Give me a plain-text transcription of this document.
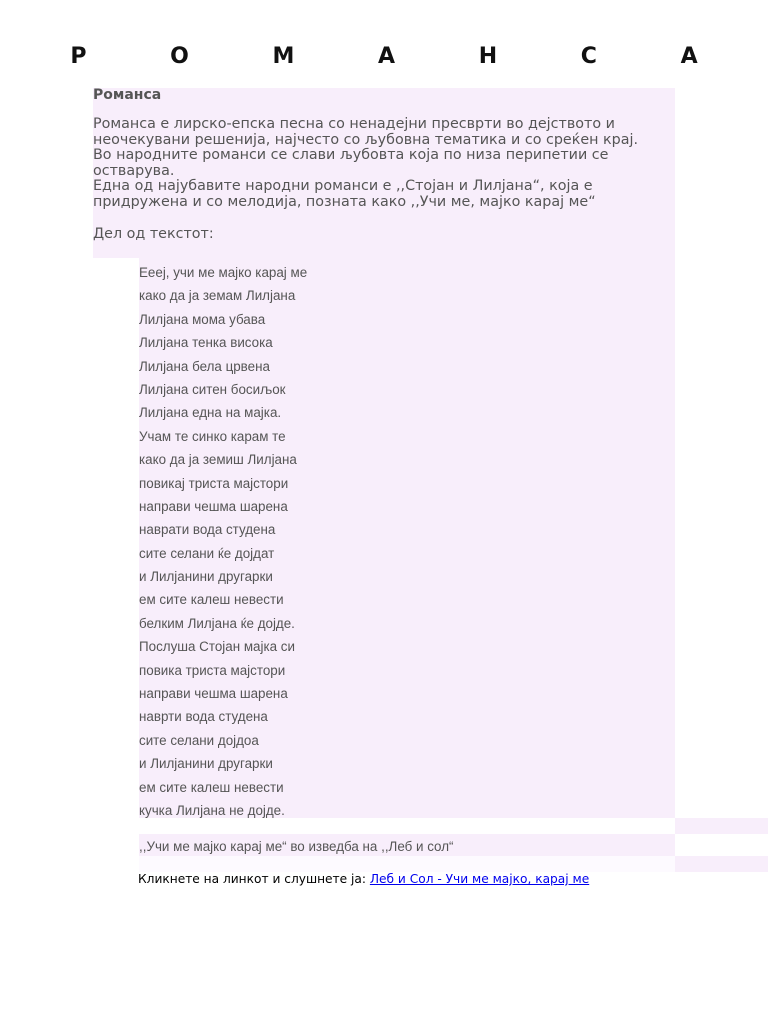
Р О М А Н С А
Романса

Романса е лирско-епска песна со ненадејни пресврти во дејството и неочекувани решенија, најчесто со љубовна тематика и со среќен крај.

Во народните романси се слави љубовта која по низа перипетии се остварува.

Една од најубавите народни романси е ,,Стојан и Лилјана“, која е придружена и со мелодија, позната како ,,Учи ме, мајко карај ме“

Дел од текстот:
Еееј, учи ме мајко карај ме
како да ја земам Лилјана
Лилјана мома убава
Лилјана тенка висока
Лилјана бела црвена
Лилјана ситен босиљок
Лилјана една на мајка.
Учам те синко карам те
како да ја земиш Лилјана
повикај триста мајстори
направи чешма шарена
наврати вода студена
сите селани ќе дојдат
и Лилјанини другарки
ем сите калеш невести
белким Лилјана ќе дојде.
Послуша Стојан мајка си
повика триста мајстори
направи чешма шарена
наврти вода студена
сите селани дојдоа
и Лилјанини другарки
ем сите калеш невести
кучка Лилјана не дојде.
,,Учи ме мајко карај ме“ во изведба на ,,Леб и сол“
Кликнете на линкот и слушнете ја: Леб и Сол - Учи ме мајко, карај ме
